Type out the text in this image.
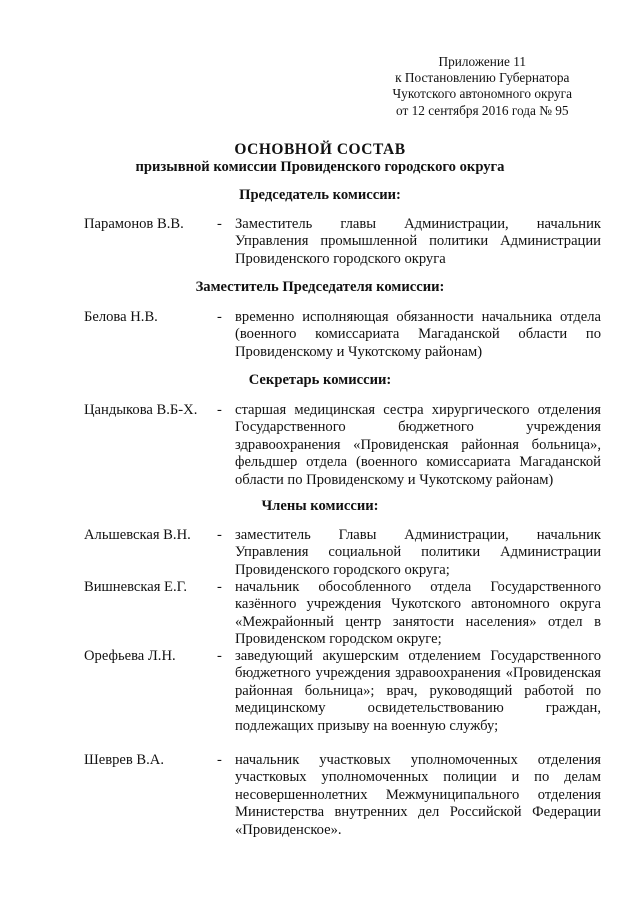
Приложение 11
к Постановлению Губернатора
Чукотского автономного округа
от 12 сентября 2016 года № 95
ОСНОВНОЙ СОСТАВ
призывной комиссии Провиденского городского округа
Председатель комиссии:
Парамонов В.В. - Заместитель главы Администрации, начальник Управления промышленной политики Администрации Провиденского городского округа
Заместитель Председателя комиссии:
Белова Н.В.	- временно исполняющая обязанности начальника отдела (военного комиссариата Магаданской области по Провиденскому и Чукотскому районам)
Секретарь комиссии:
Цандыкова В.Б-Х. - старшая медицинская сестра хирургического отделения Государственного бюджетного учреждения здравоохранения «Провиденская районная больница», фельдшер отдела (военного комиссариата Магаданской области по Провиденскому и Чукотскому районам)
Члены комиссии:
Альшевская В.Н. - заместитель Главы Администрации, начальник Управления социальной политики Администрации Провиденского городского округа;
Вишневская Е.Г. - начальник обособленного отдела Государственного казённого учреждения Чукотского автономного округа «Межрайонный центр занятости населения» отдел в Провиденском городском округе;
Орефьева Л.Н.	- заведующий акушерским отделением Государственного бюджетного учреждения здравоохранения «Провиденская районная больница»; врач, руководящий работой по медицинскому освидетельствованию граждан, подлежащих призыву на военную службу;
Шеврев В.А.	- начальник участковых уполномоченных отделения участковых уполномоченных полиции и по делам несовершеннолетних Межмуниципального отделения Министерства внутренних дел Российской Федерации «Провиденское».
